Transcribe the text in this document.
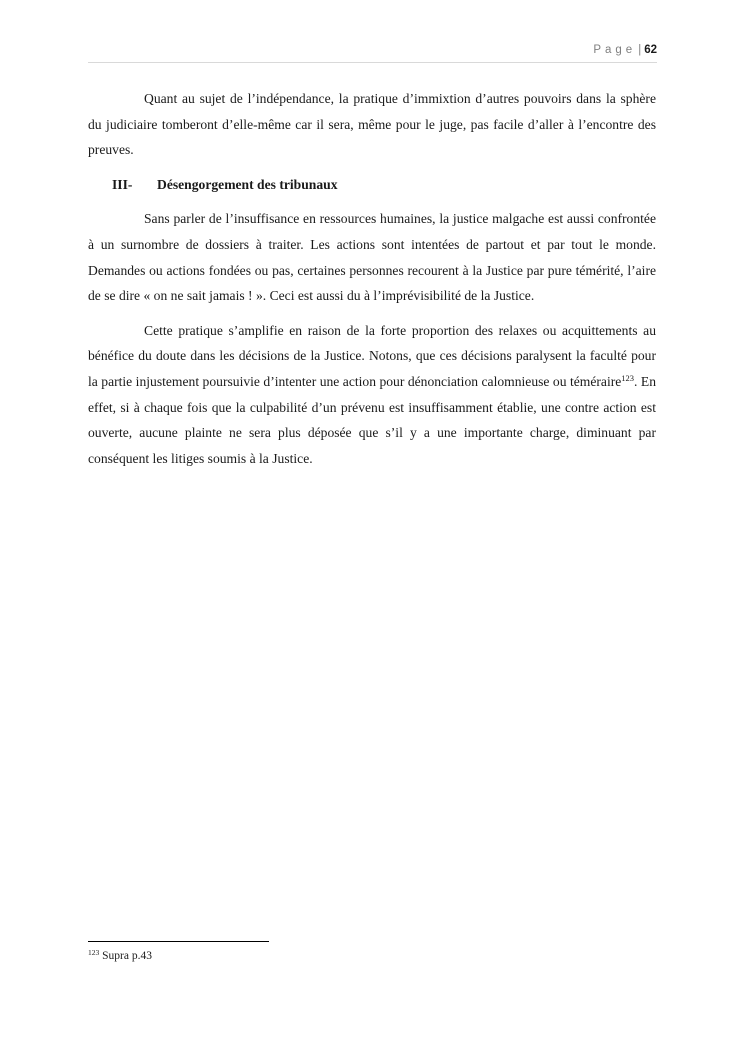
Page | 62

Quant au sujet de l’indépendance, la pratique d’immixtion d’autres pouvoirs dans la sphère du judiciaire tomberont d’elle-même car il sera, même pour le juge, pas facile d’aller à l’encontre des preuves.

III-	Désengorgement des tribunaux

Sans parler de l’insuffisance en ressources humaines, la justice malgache est aussi confrontée à un surnombre de dossiers à traiter. Les actions sont intentées de partout et par tout le monde. Demandes ou actions fondées ou pas, certaines personnes recourent à la Justice par pure témérité, l’aire de se dire « on ne sait jamais ! ». Ceci est aussi du à l’imprévisibilité de la Justice.

Cette pratique s’amplifie en raison de la forte proportion des relaxes ou acquittements au bénéfice du doute dans les décisions de la Justice. Notons, que ces décisions paralysent la faculté pour la partie injustement poursuivie d’intenter une action pour dénonciation calomnieuse ou téméraire$^{123}$. En effet, si à chaque fois que la culpabilité d’un prévenu est insuffisamment établie, une contre action est ouverte, aucune plainte ne sera plus déposée que s’il y a une importante charge, diminuant par conséquent les litiges soumis à la Justice.

$^{123}$ Supra p.43
